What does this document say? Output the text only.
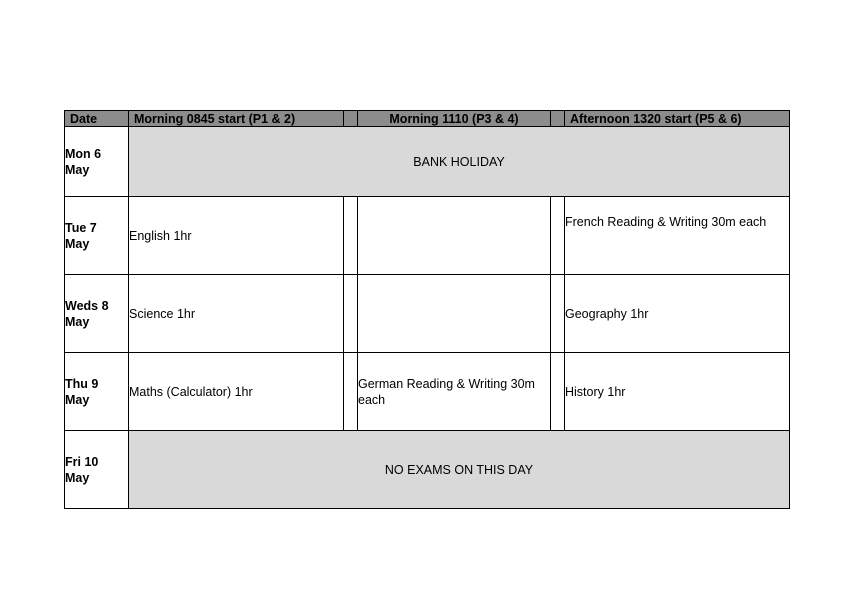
Date	Morning 0845 start (P1 & 2)		Morning 1110 (P3 & 4)		Afternoon 1320 start (P5 & 6)
Mon 6
May	BANK HOLIDAY				
Tue 7
May	English 1hr				French Reading & Writing 30m each
Weds 8
May	Science 1hr				Geography 1hr
Thu 9
May	Maths (Calculator) 1hr		German Reading & Writing 30m each		History 1hr
Fri 10
May	NO EXAMS ON THIS DAY				
